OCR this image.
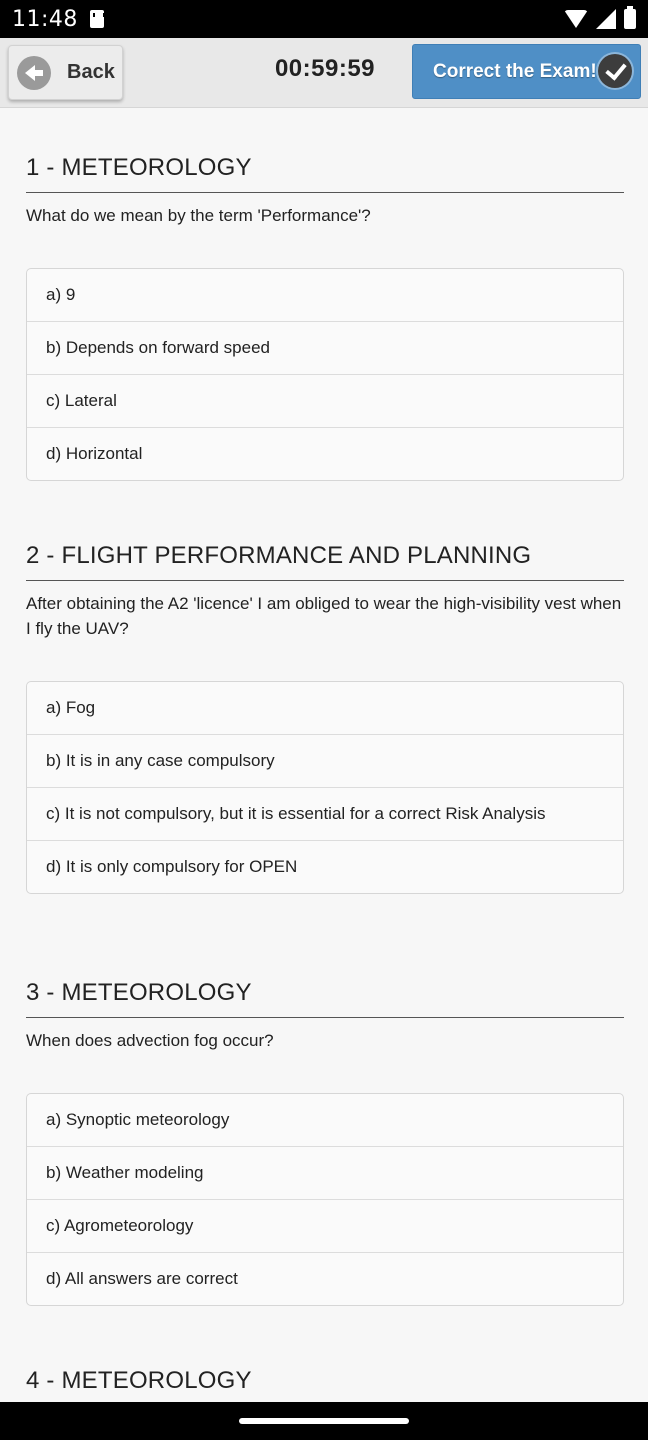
11:48
Back	00:59:59	Correct the Exam!
1 - METEOROLOGY
What do we mean by the term 'Performance'?
a) 9
b) Depends on forward speed
c) Lateral
d) Horizontal
2 - FLIGHT PERFORMANCE AND PLANNING
After obtaining the A2 'licence' I am obliged to wear the high-visibility vest when I fly the UAV?
a) Fog
b) It is in any case compulsory
c) It is not compulsory, but it is essential for a correct Risk Analysis
d) It is only compulsory for OPEN
3 - METEOROLOGY
When does advection fog occur?
a) Synoptic meteorology
b) Weather modeling
c) Agrometeorology
d) All answers are correct
4 - METEOROLOGY
